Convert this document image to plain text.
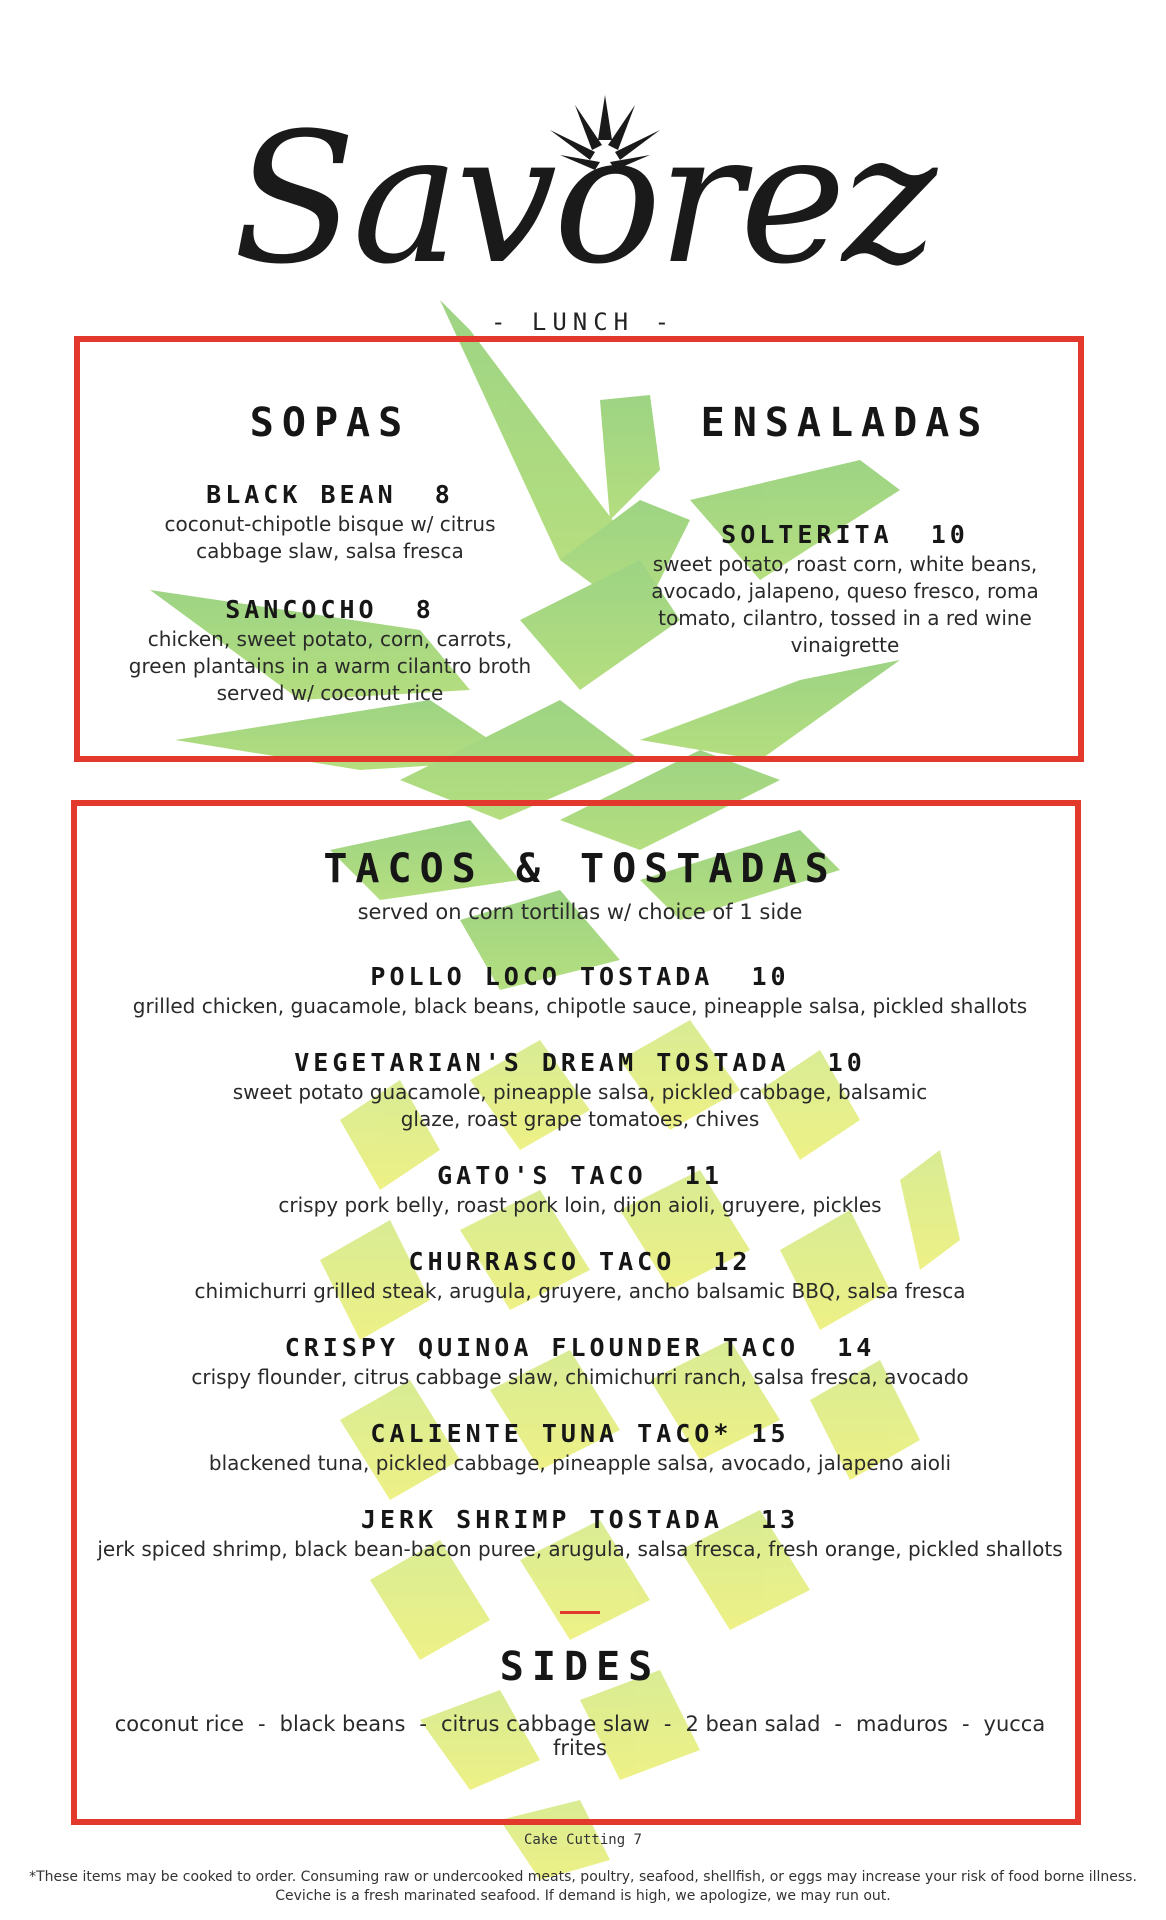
Savorez
- LUNCH -
SOPAS

BLACK BEAN  8

coconut-chipotle bisque w/ citrus cabbage slaw, salsa fresca

SANCOCHO  8

chicken, sweet potato, corn, carrots, green plantains in a warm cilantro broth served w/ coconut rice

ENSALADAS

SOLTERITA  10

sweet potato, roast corn, white beans, avocado, jalapeno, queso fresco, roma tomato, cilantro, tossed in a red wine vinaigrette

TACOS & TOSTADAS

served on corn tortillas w/ choice of 1 side

POLLO LOCO TOSTADA  10

grilled chicken, guacamole, black beans, chipotle sauce, pineapple salsa, pickled shallots

VEGETARIAN'S DREAM TOSTADA  10

sweet potato guacamole, pineapple salsa, pickled cabbage, balsamic glaze, roast grape tomatoes, chives

GATO'S TACO  11

crispy pork belly, roast pork loin, dijon aioli, gruyere, pickles

CHURRASCO TACO  12

chimichurri grilled steak, arugula, gruyere, ancho balsamic BBQ, salsa fresca

CRISPY QUINOA FLOUNDER TACO  14

crispy flounder, citrus cabbage slaw, chimichurri ranch, salsa fresca, avocado

CALIENTE TUNA TACO* 15

blackened tuna, pickled cabbage, pineapple salsa, avocado, jalapeno aioli

JERK SHRIMP TOSTADA  13

jerk spiced shrimp, black bean-bacon puree, arugula, salsa fresca, fresh orange, pickled shallots

SIDES
coconut rice - black beans - citrus cabbage slaw - 2 bean salad - maduros - yucca frites
Cake Cutting 7
*These items may be cooked to order. Consuming raw or undercooked meats, poultry, seafood, shellfish, or eggs may increase your risk of food borne illness.
Ceviche is a fresh marinated seafood. If demand is high, we apologize, we may run out.
